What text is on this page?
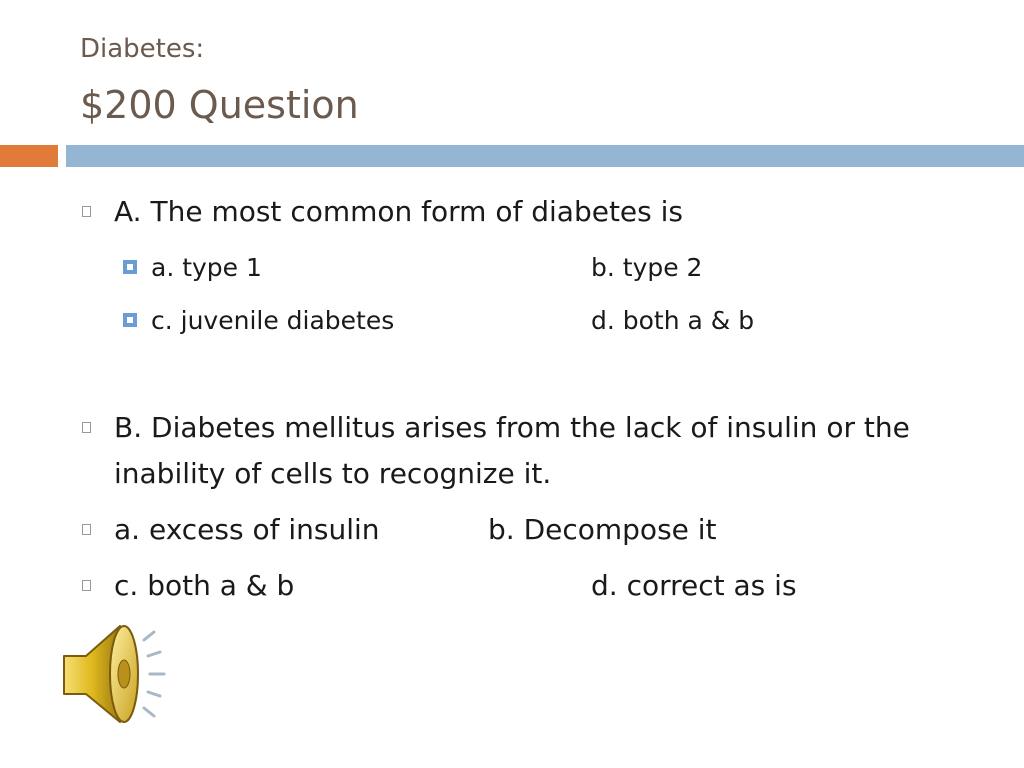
Diabetes:
$200 Question
A. The most common form of diabetes is
a. type 1	b. type 2
c. juvenile diabetes	d. both a & b
B. Diabetes mellitus arises from the lack of insulin or the
inability of cells to recognize it.
a. excess of insulin	b. Decompose it
c. both a & b	d. correct as is
